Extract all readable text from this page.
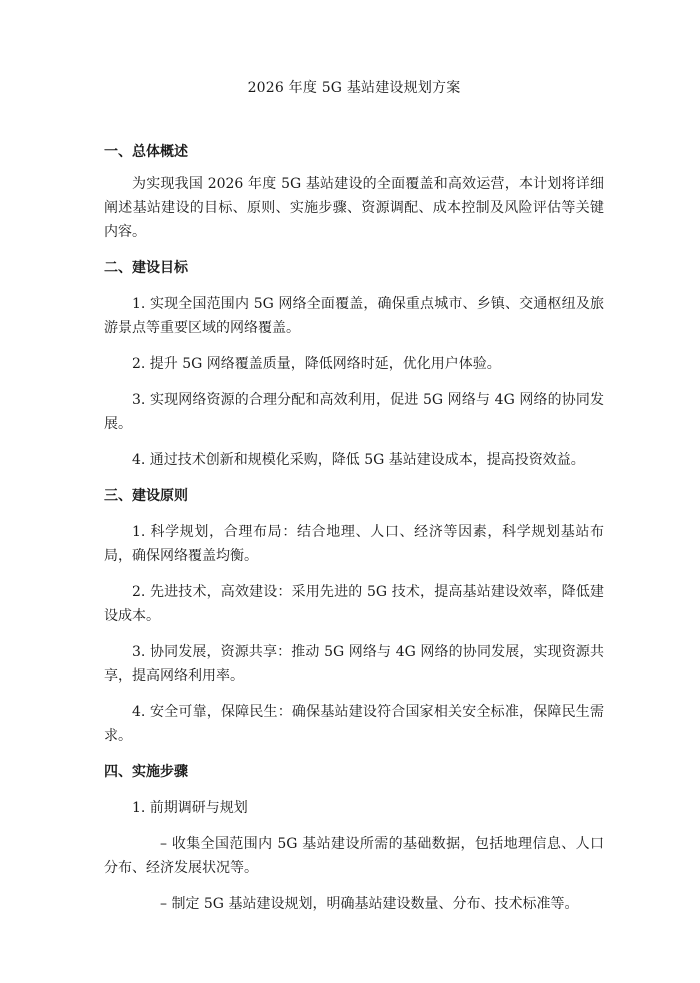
2026 年度 5G 基站建设规划方案
一、总体概述

为实现我国 2026 年度 5G 基站建设的全面覆盖和高效运营，本计划将详细阐述基站建设的目标、原则、实施步骤、资源调配、成本控制及风险评估等关键内容。

二、建设目标

1. 实现全国范围内 5G 网络全面覆盖，确保重点城市、乡镇、交通枢纽及旅游景点等重要区域的网络覆盖。

2. 提升 5G 网络覆盖质量，降低网络时延，优化用户体验。

3. 实现网络资源的合理分配和高效利用，促进 5G 网络与 4G 网络的协同发展。

4. 通过技术创新和规模化采购，降低 5G 基站建设成本，提高投资效益。

三、建设原则

1. 科学规划，合理布局：结合地理、人口、经济等因素，科学规划基站布局，确保网络覆盖均衡。

2. 先进技术，高效建设：采用先进的 5G 技术，提高基站建设效率，降低建设成本。

3. 协同发展，资源共享：推动 5G 网络与 4G 网络的协同发展，实现资源共享，提高网络利用率。

4. 安全可靠，保障民生：确保基站建设符合国家相关安全标准，保障民生需求。

四、实施步骤

1. 前期调研与规划

– 收集全国范围内 5G 基站建设所需的基础数据，包括地理信息、人口分布、经济发展状况等。

– 制定 5G 基站建设规划，明确基站建设数量、分布、技术标准等。
